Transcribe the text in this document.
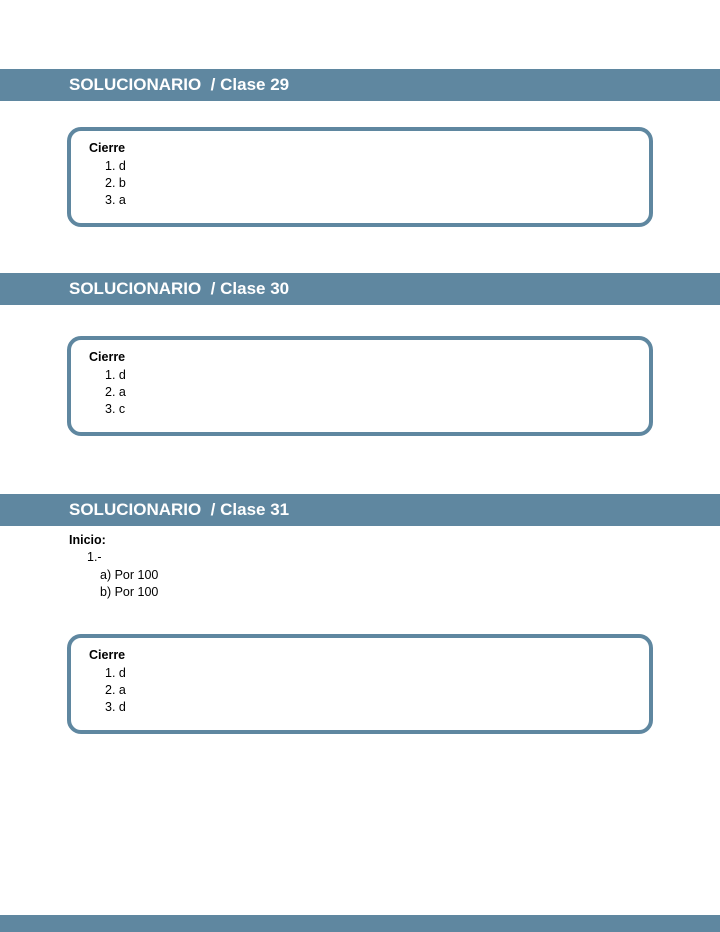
SOLUCIONARIO  / Clase 29
Cierre
1. d
2. b
3. a
SOLUCIONARIO  / Clase 30
Cierre
1. d
2. a
3. c
SOLUCIONARIO  / Clase 31
Inicio:
1.-
a) Por 100
b) Por 100
Cierre
1. d
2. a
3. d
